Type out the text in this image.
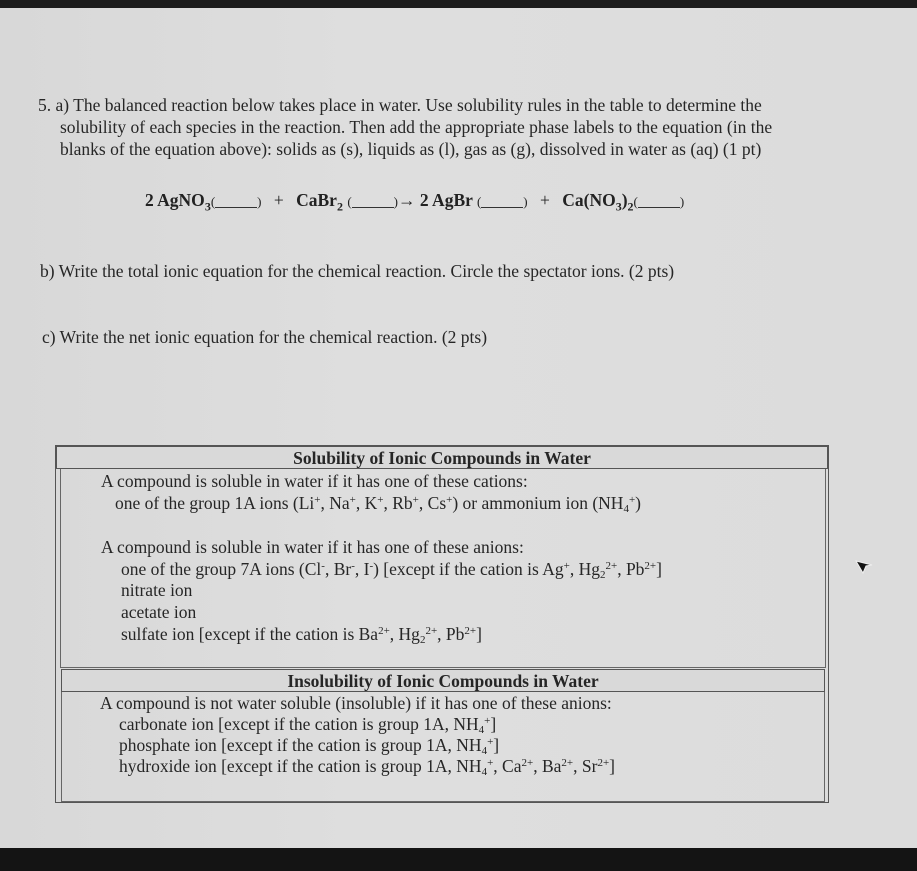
5. a) The balanced reaction below takes place in water. Use solubility rules in the table to determine the
solubility of each species in the reaction. Then add the appropriate phase labels to the equation (in the
blanks of the equation above): solids as (s), liquids as (l), gas as (g), dissolved in water as (aq) (1 pt)
2 AgNO$_3$(	) + CaBr$_2$ (	)→ 2 AgBr (	) + $Ca(NO_3)_2$(	)
b) Write the total ionic equation for the chemical reaction. Circle the spectator ions. (2 pts)
c) Write the net ionic equation for the chemical reaction. (2 pts)
Solubility of Ionic Compounds in Water
A compound is soluble in water if it has one of these cations:
one of the group 1A ions (Li+, Na+, K+, Rb+, Cs+) or ammonium ion $(NH_4^+)$
A compound is soluble in water if it has one of these anions:
one of the group 7A ions (Cl-, Br-, I-) [except if the cation is Ag+, $Hg_2^{2+}$, $Pb^{2+}$]
nitrate ion
acetate ion
sulfate ion [except if the cation is $Ba^{2+}$, $Hg_2^{2+}$, $Pb^{2+}$]
Insolubility of Ionic Compounds in Water
A compound is not water soluble (insoluble) if it has one of these anions:
carbonate ion [except if the cation is group 1A, $NH_4^+$]
phosphate ion [except if the cation is group 1A, $NH_4^+$]
hydroxide ion [except if the cation is group 1A, $NH_4^+$, $Ca^{2+}$, $Ba^{2+}$, $Sr^{2+}$]
